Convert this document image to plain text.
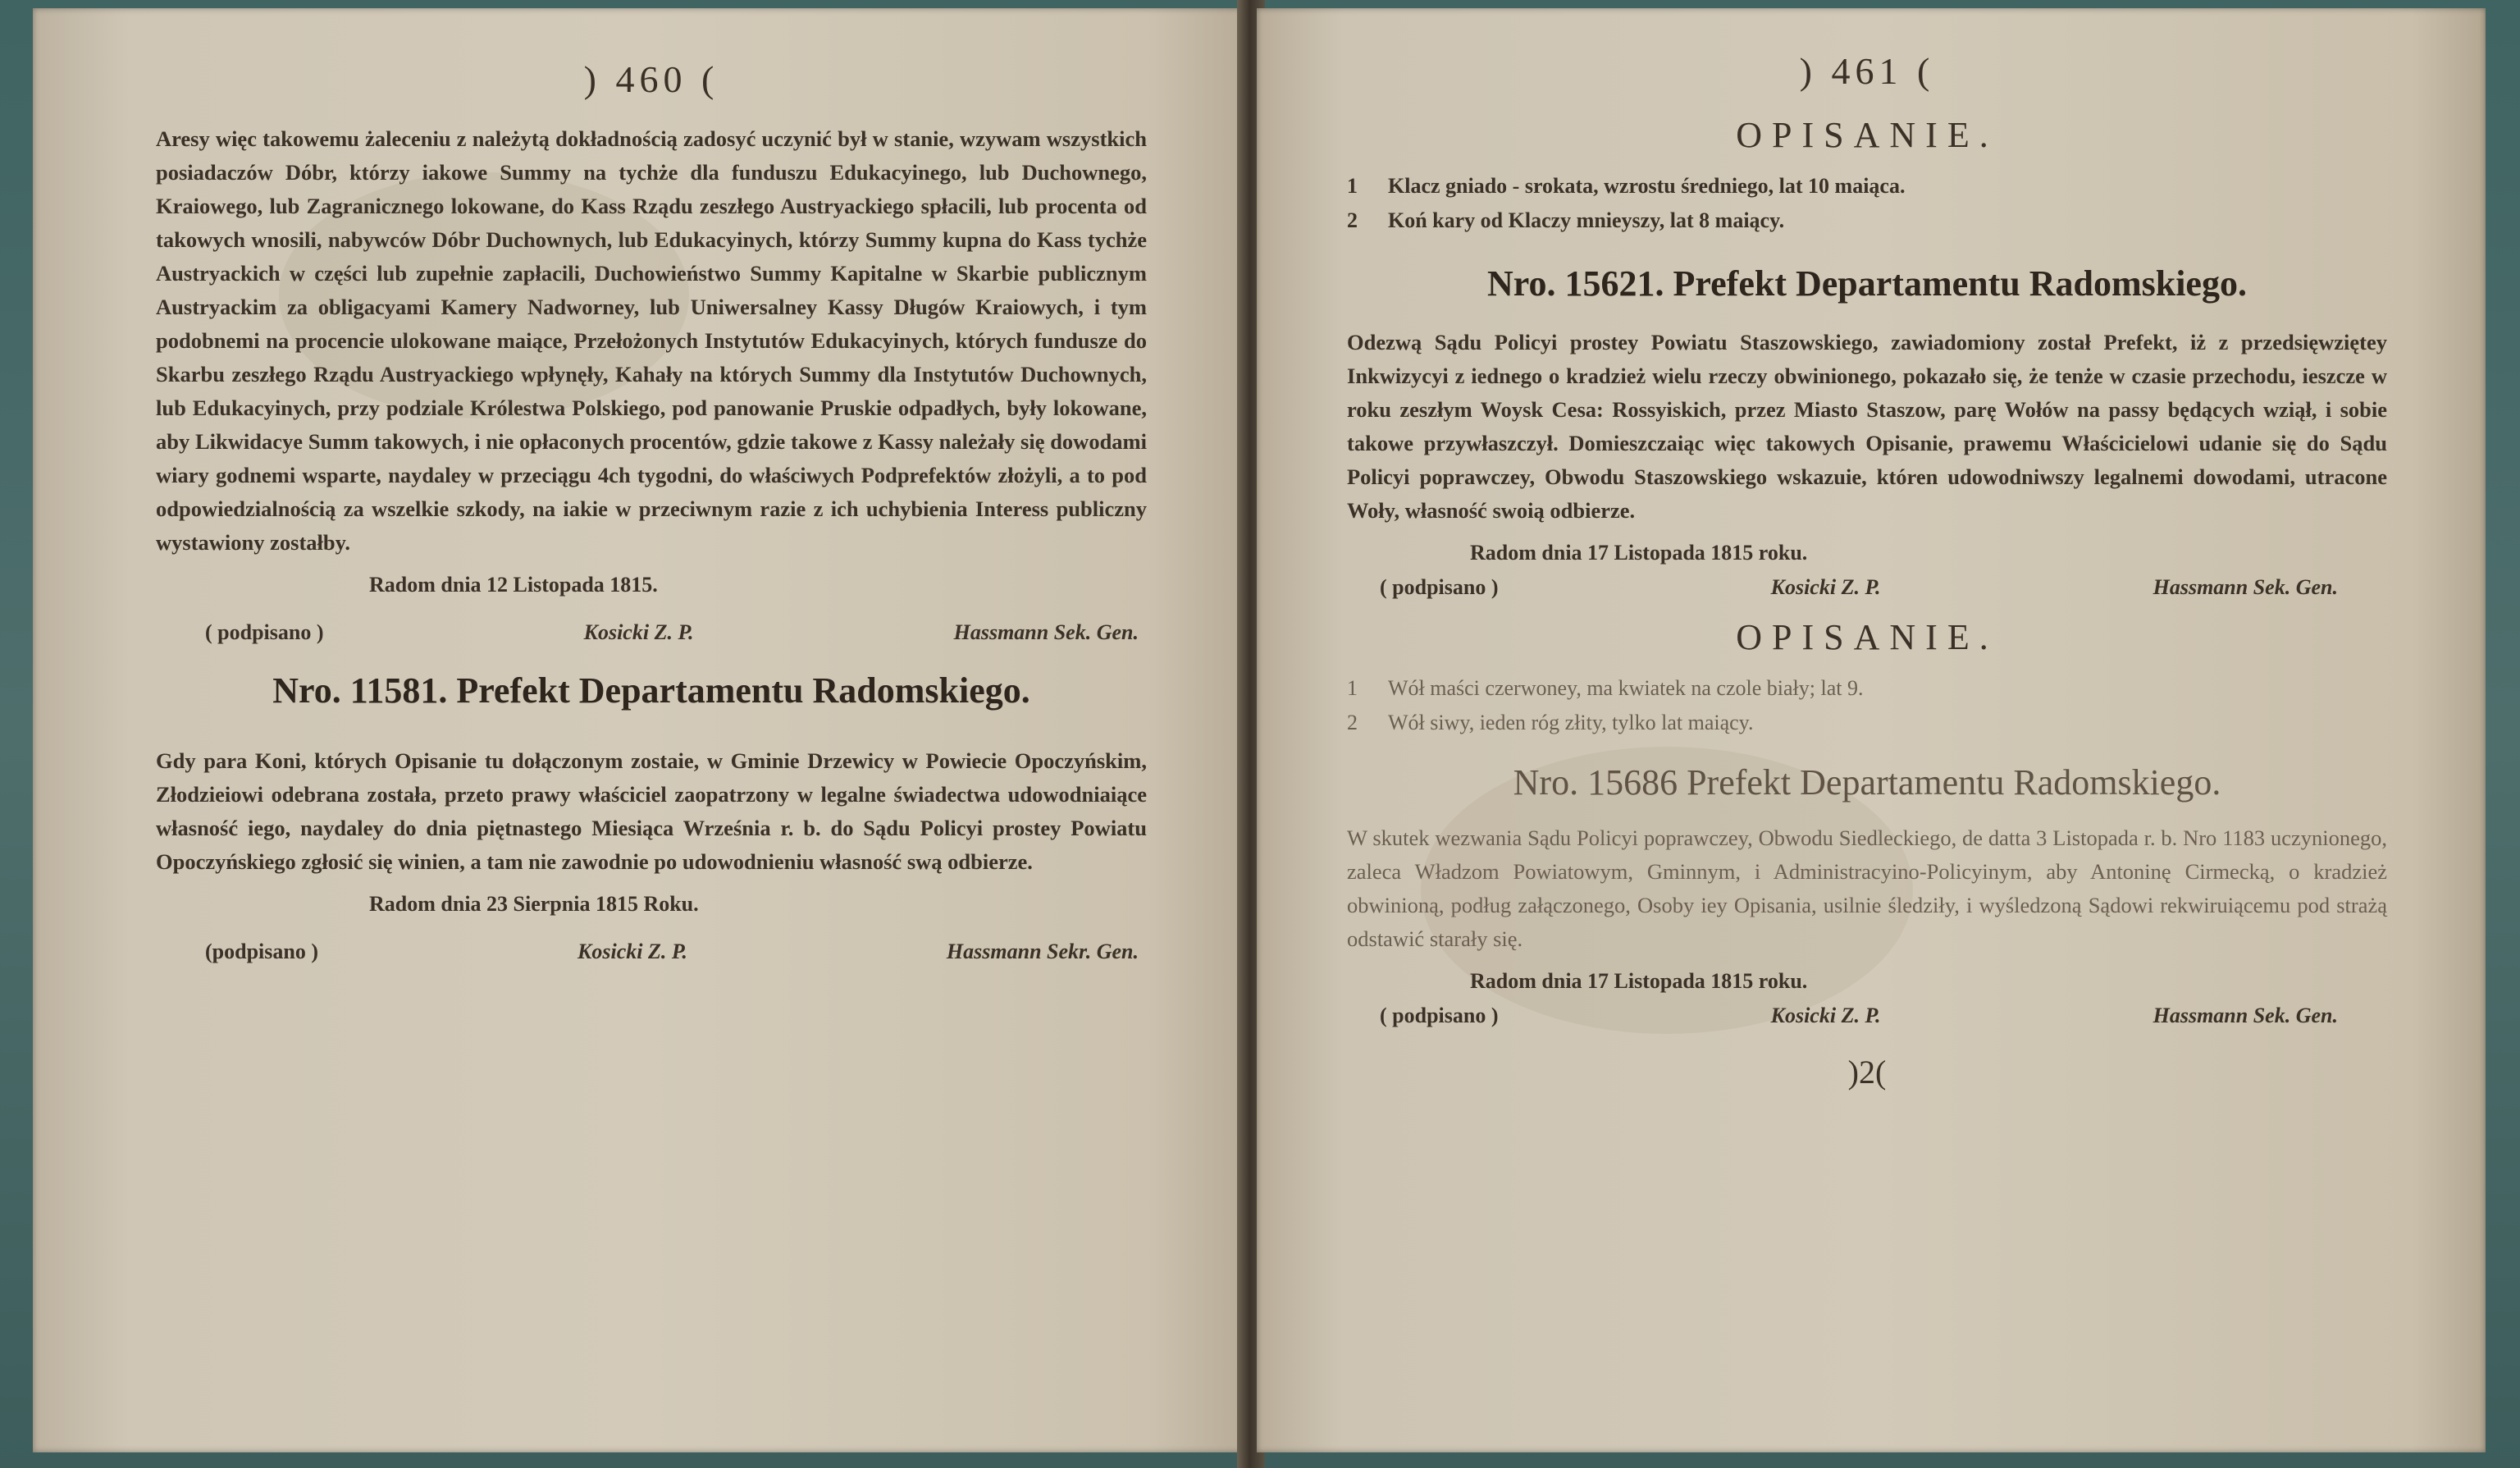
) 460 (
Aresy więc takowemu żaleceniu z należytą dokładnością zadosyć uczynić był w stanie, wzywam wszystkich posiadaczów Dóbr, którzy iakowe Summy na tychże dla funduszu Edukacyinego, lub Duchownego, Kraiowego, lub Zagranicznego lokowane, do Kass Rządu zeszłego Austryackiego spłacili, lub procenta od takowych wnosili, nabywców Dóbr Duchownych, lub Edukacyinych, którzy Summy kupna do Kass tychże Austryackich w części lub zupełnie zapłacili, Duchowieństwo Summy Kapitalne w Skarbie publicznym Austryackim za obligacyami Kamery Nadworney, lub Uniwersalney Kassy Długów Kraiowych, i tym podobnemi na procencie ulokowane maiące, Przełożonych Instytutów Edukacyinych, których fundusze do Skarbu zeszłego Rządu Austryackiego wpłynęły, Kahały na których Summy dla Instytutów Duchownych, lub Edukacyinych, przy podziale Królestwa Polskiego, pod panowanie Pruskie odpadłych, były lokowane, aby Likwidacye Summ takowych, i nie opłaconych procentów, gdzie takowe z Kassy należały się dowodami wiary godnemi wsparte, naydaley w przeciągu 4ch tygodni, do właściwych Podprefektów złożyli, a to pod odpowiedzialnością za wszelkie szkody, na iakie w przeciwnym razie z ich uchybienia Interess publiczny wystawiony zostałby.
Radom dnia 12 Listopada 1815.
( podpisano )	Kosicki Z. P.	Hassmann Sek. Gen.
Nro. 11581. Prefekt Departamentu Radomskiego.
Gdy para Koni, których Opisanie tu dołączonym zostaie, w Gminie Drzewicy w Powiecie Opoczyńskim, Złodzieiowi odebrana została, przeto prawy właściciel zaopatrzony w legalne świadectwa udowodniaiące własność iego, naydaley do dnia piętnastego Miesiąca Września r. b. do Sądu Policyi prostey Powiatu Opoczyńskiego zgłosić się winien, a tam nie zawodnie po udowodnieniu własność swą odbierze.
Radom dnia 23 Sierpnia 1815 Roku.
(podpisano )	Kosicki Z. P.	Hassmann Sekr. Gen.
) 461 (
OPISANIE.
1	Klacz gniado - srokata, wzrostu średniego, lat 10 maiąca.
2	Koń kary od Klaczy mnieyszy, lat 8 maiący.
Nro. 15621. Prefekt Departamentu Radomskiego.
Odezwą Sądu Policyi prostey Powiatu Staszowskiego, zawiadomiony został Prefekt, iż z przedsięwziętey Inkwizycyi z iednego o kradzież wielu rzeczy obwinionego, pokazało się, że tenże w czasie przechodu, ieszcze w roku zeszłym Woysk Cesa: Rossyiskich, przez Miasto Staszow, parę Wołów na passy będących wziął, i sobie takowe przywłaszczył. Domieszczaiąc więc takowych Opisanie, prawemu Właścicielowi udanie się do Sądu Policyi poprawczey, Obwodu Staszowskiego wskazuie, któren udowodniwszy legalnemi dowodami, utracone Woły, własność swoią odbierze.
Radom dnia 17 Listopada 1815 roku.
( podpisano )	Kosicki Z. P.	Hassmann Sek. Gen.
OPISANIE.
1	Wół maści czerwoney, ma kwiatek na czole biały; lat 9.
2	Wół siwy, ieden róg złity, tylko lat maiący.
Nro. 15686 Prefekt Departamentu Radomskiego.
W skutek wezwania Sądu Policyi poprawczey, Obwodu Siedleckiego, de datta 3 Listopada r. b. Nro 1183 uczynionego, zaleca Władzom Powiatowym, Gminnym, i Administracyino-Policyinym, aby Antoninę Cirmecką, o kradzież obwinioną, podług załączonego, Osoby iey Opisania, usilnie śledziły, i wyśledzoną Sądowi rekwiruiącemu pod strażą odstawić starały się.
Radom dnia 17 Listopada 1815 roku.
( podpisano )	Kosicki Z. P.	Hassmann Sek. Gen.
)2(
